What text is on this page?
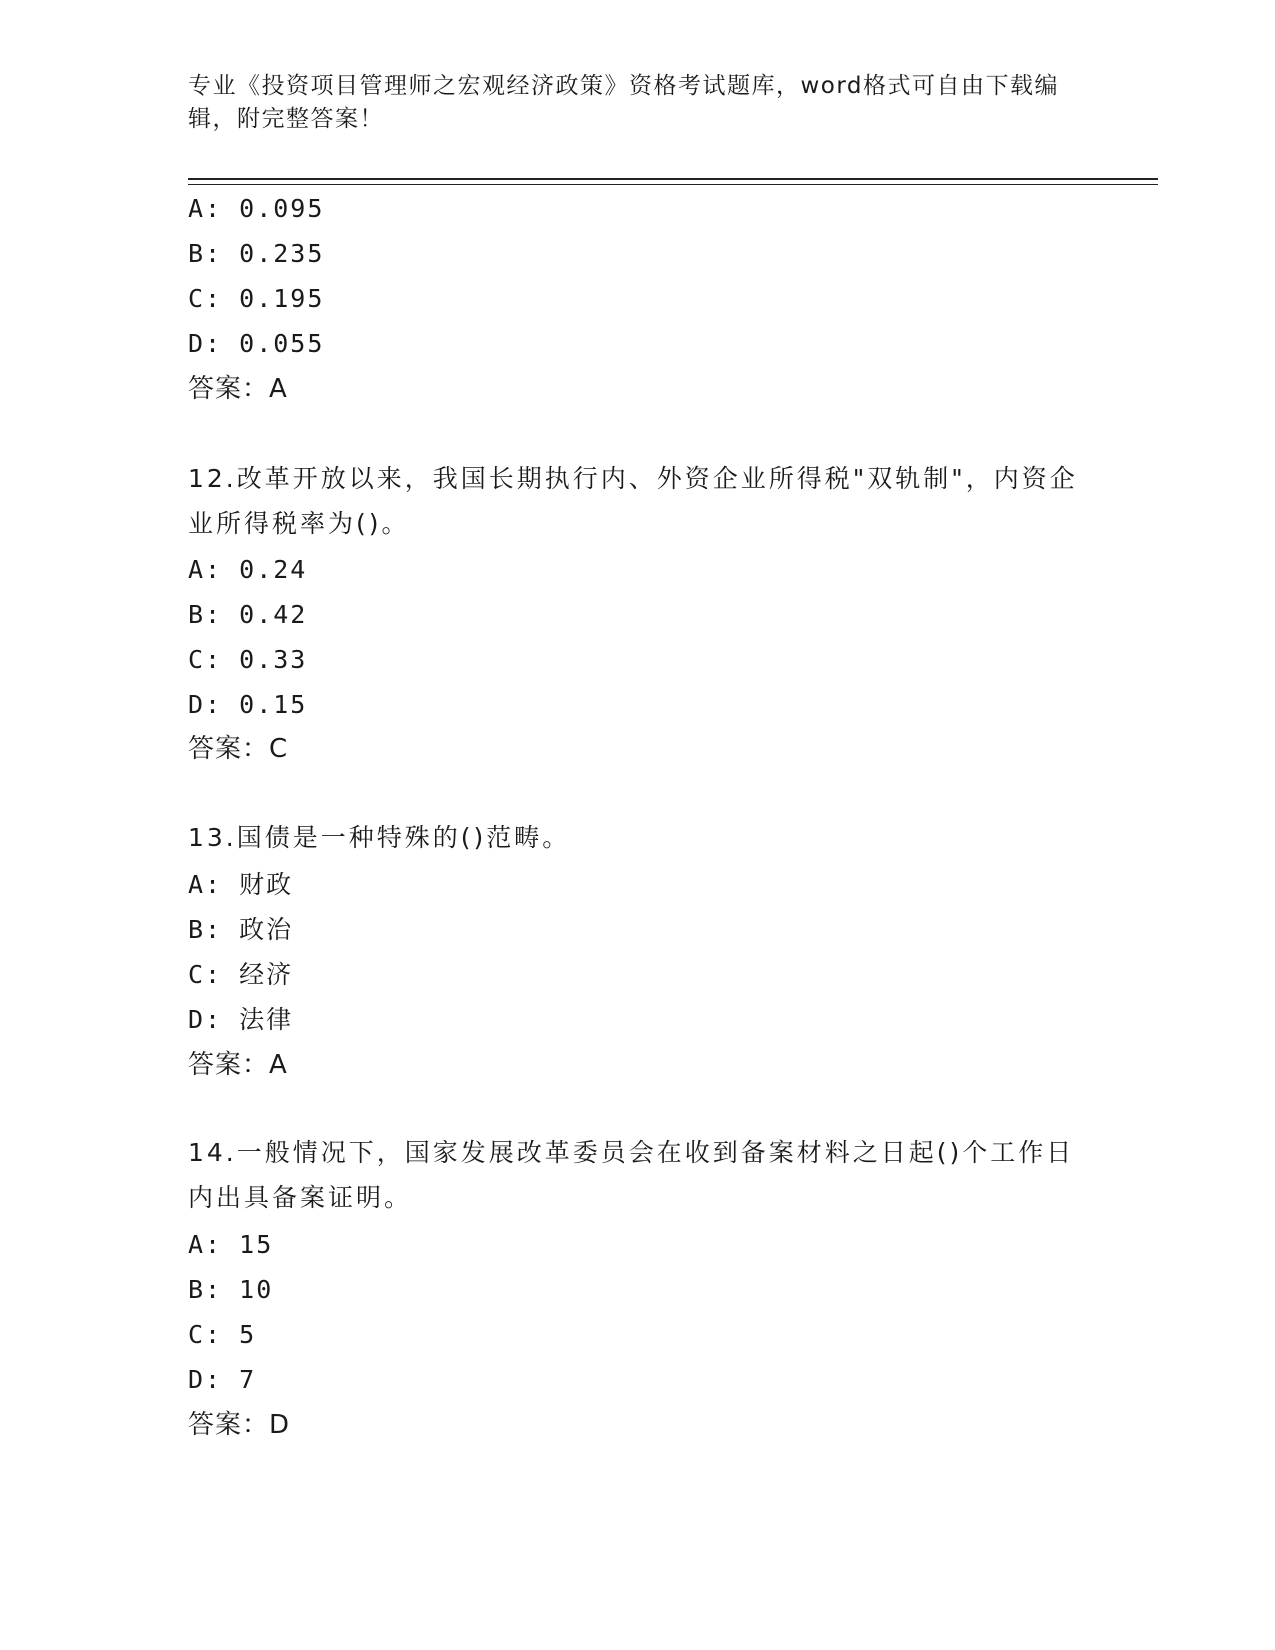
专业《投资项目管理师之宏观经济政策》资格考试题库，word格式可自由下载编辑，附完整答案！
A: 0.095
B: 0.235
C: 0.195
D: 0.055
答案：A
12.改革开放以来，我国长期执行内、外资企业所得税"双轨制"，内资企业所得税率为()。
A: 0.24
B: 0.42
C: 0.33
D: 0.15
答案：C
13.国债是一种特殊的()范畴。
A: 财政
B: 政治
C: 经济
D: 法律
答案：A
14.一般情况下，国家发展改革委员会在收到备案材料之日起()个工作日内出具备案证明。
A: 15
B: 10
C: 5
D: 7
答案：D
